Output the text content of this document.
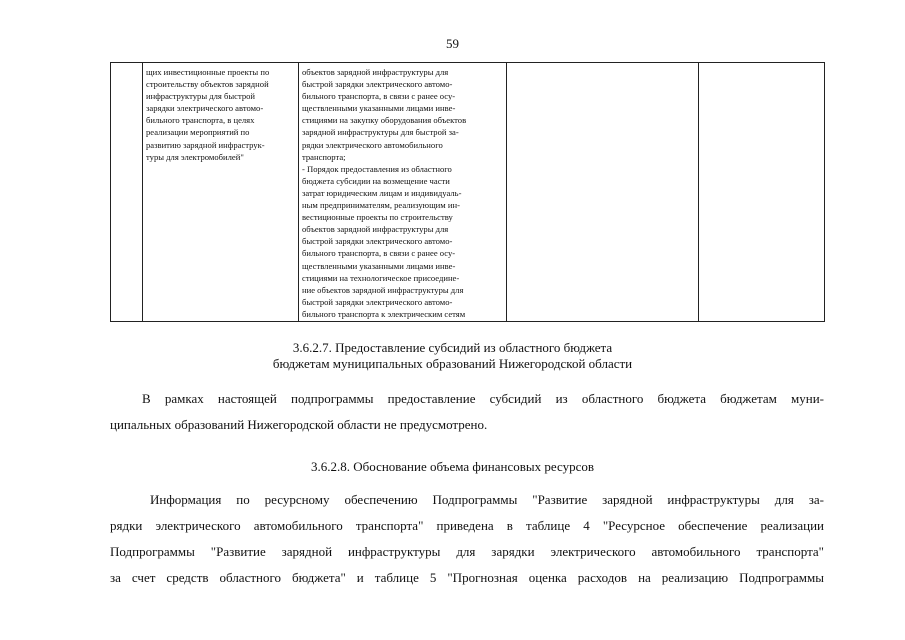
59

щих инвестиционные проекты по
строительству объектов зарядной
инфраструктуры для быстрой
зарядки электрического автомо-
бильного транспорта, в целях
реализации мероприятий по
развитию зарядной инфраструк-
туры для электромобилей"

объектов зарядной инфраструктуры для
быстрой зарядки электрического автомо-
бильного транспорта, в связи с ранее осу-
ществленными указанными лицами инве-
стициями на закупку оборудования объектов
зарядной инфраструктуры для быстрой за-
рядки электрического автомобильного
транспорта;
- Порядок предоставления из областного
бюджета субсидии на возмещение части
затрат юридическим лицам и индивидуаль-
ным предпринимателям, реализующим ин-
вестиционные проекты по строительству
объектов зарядной инфраструктуры для
быстрой зарядки электрического автомо-
бильного транспорта, в связи с ранее осу-
ществленными указанными лицами инве-
стициями на технологическое присоедине-
ние объектов зарядной инфраструктуры для
быстрой зарядки электрического автомо-
бильного транспорта к электрическим сетям

3.6.2.7. Предоставление субсидий из областного бюджета
бюджетам муниципальных образований Нижегородской области
В рамках настоящей подпрограммы предоставление субсидий из областного бюджета бюджетам муни-
ципальных образований Нижегородской области не предусмотрено.
3.6.2.8. Обоснование объема финансовых ресурсов
Информация по ресурсному обеспечению Подпрограммы "Развитие зарядной инфраструктуры для за-
рядки электрического автомобильного транспорта" приведена в таблице 4 "Ресурсное обеспечение реализации
Подпрограммы "Развитие зарядной инфраструктуры для зарядки электрического автомобильного транспорта"
за счет средств областного бюджета" и таблице 5 "Прогнозная оценка расходов на реализацию Подпрограммы
